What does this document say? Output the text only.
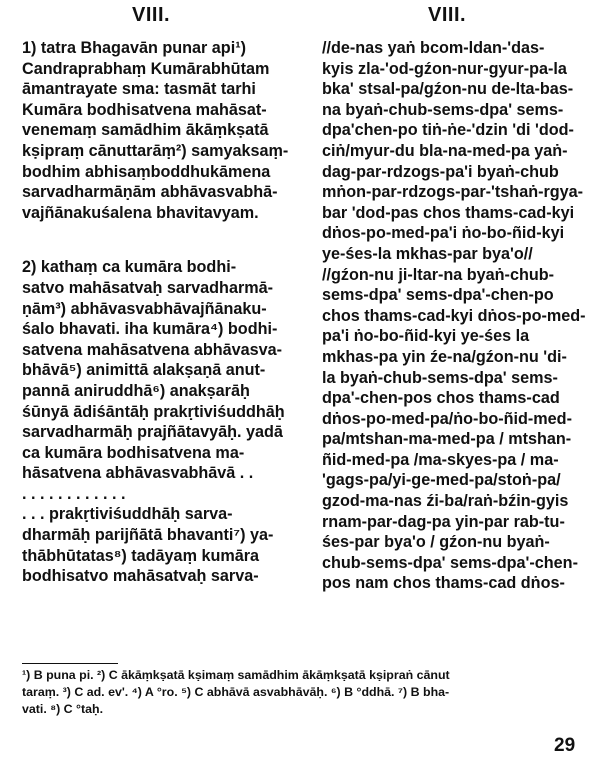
VIII.	VIII.
1) tatra Bhagavān punar api¹)
Candraprabhaṃ Kumārabhūtam
āmantrayate sma: tasmāt tarhi
Kumāra bodhisatvena mahāsat-
venemaṃ samādhim ākāṃkṣatā
kṣipraṃ cānuttarāṃ²) samyaksaṃ-
bodhim abhisaṃboddhukāmena
sarvadharmāṇām abhāvasvabhā-
vajñānakuśalena bhavitavyam.
2) kathaṃ ca kumāra bodhi-
satvo mahāsatvaḥ sarvadharmā-
ṇām³) abhāvasvabhāvajñānaku-
śalo bhavati. iha kumāra⁴) bodhi-
satvena mahāsatvena abhāvasva-
bhāvā⁵) animittā alakṣaṇā anut-
pannā aniruddhā⁶) anakṣarāḥ
śūnyā ādiśāntāḥ prakṛtiviśuddhāḥ
sarvadharmāḥ prajñātavyāḥ. yadā
ca kumāra bodhisatvena ma-
hāsatvena abhāvasvabhāvā . .
. . . . . . . . . . . .
. . . prakṛtiviśuddhāḥ sarva-
dharmāḥ parijñātā bhavanti⁷) ya-
thābhūtatas⁸) tadāyaṃ kumāra
bodhisatvo mahāsatvaḥ sarva-
//de-nas yaṅ bcom-ldan-'das-
kyis zla-'od-gźon-nur-gyur-pa-la
bka' stsal-pa/gźon-nu de-lta-bas-
na byaṅ-chub-sems-dpa' sems-
dpa'chen-po tiṅ-ṅe-'dzin 'di 'dod-
ciṅ/myur-du bla-na-med-pa yaṅ-
dag-par-rdzogs-pa'i byaṅ-chub
mṅon-par-rdzogs-par-'tshaṅ-rgya-
bar 'dod-pas chos thams-cad-kyi
dṅos-po-med-pa'i ṅo-bo-ñid-kyi
ye-śes-la mkhas-par bya'o//
//gźon-nu ji-ltar-na byaṅ-chub-
sems-dpa' sems-dpa'-chen-po
chos thams-cad-kyi dṅos-po-med-
pa'i ṅo-bo-ñid-kyi ye-śes la
mkhas-pa yin źe-na/gźon-nu 'di-
la byaṅ-chub-sems-dpa' sems-
dpa'-chen-pos chos thams-cad
dṅos-po-med-pa/ṅo-bo-ñid-med-
pa/mtshan-ma-med-pa / mtshan-
ñid-med-pa /ma-skyes-pa / ma-
'gags-pa/yi-ge-med-pa/stoṅ-pa/
gzod-ma-nas źi-ba/raṅ-bźin-gyis
rnam-par-dag-pa yin-par rab-tu-
śes-par bya'o / gźon-nu byaṅ-
chub-sems-dpa' sems-dpa'-chen-
pos nam chos thams-cad dṅos-
¹) B puna pi. ²) C ākāṃkṣatā kṣimaṃ samādhim ākāṃkṣatā kṣipraṅ cānut
taraṃ. ³) C ad. ev'. ⁴) A °ro. ⁵) C abhāvā asvabhāvāḥ. ⁶) B °ddhā. ⁷) B bha-
vati. ⁸) C °taḥ.
29
